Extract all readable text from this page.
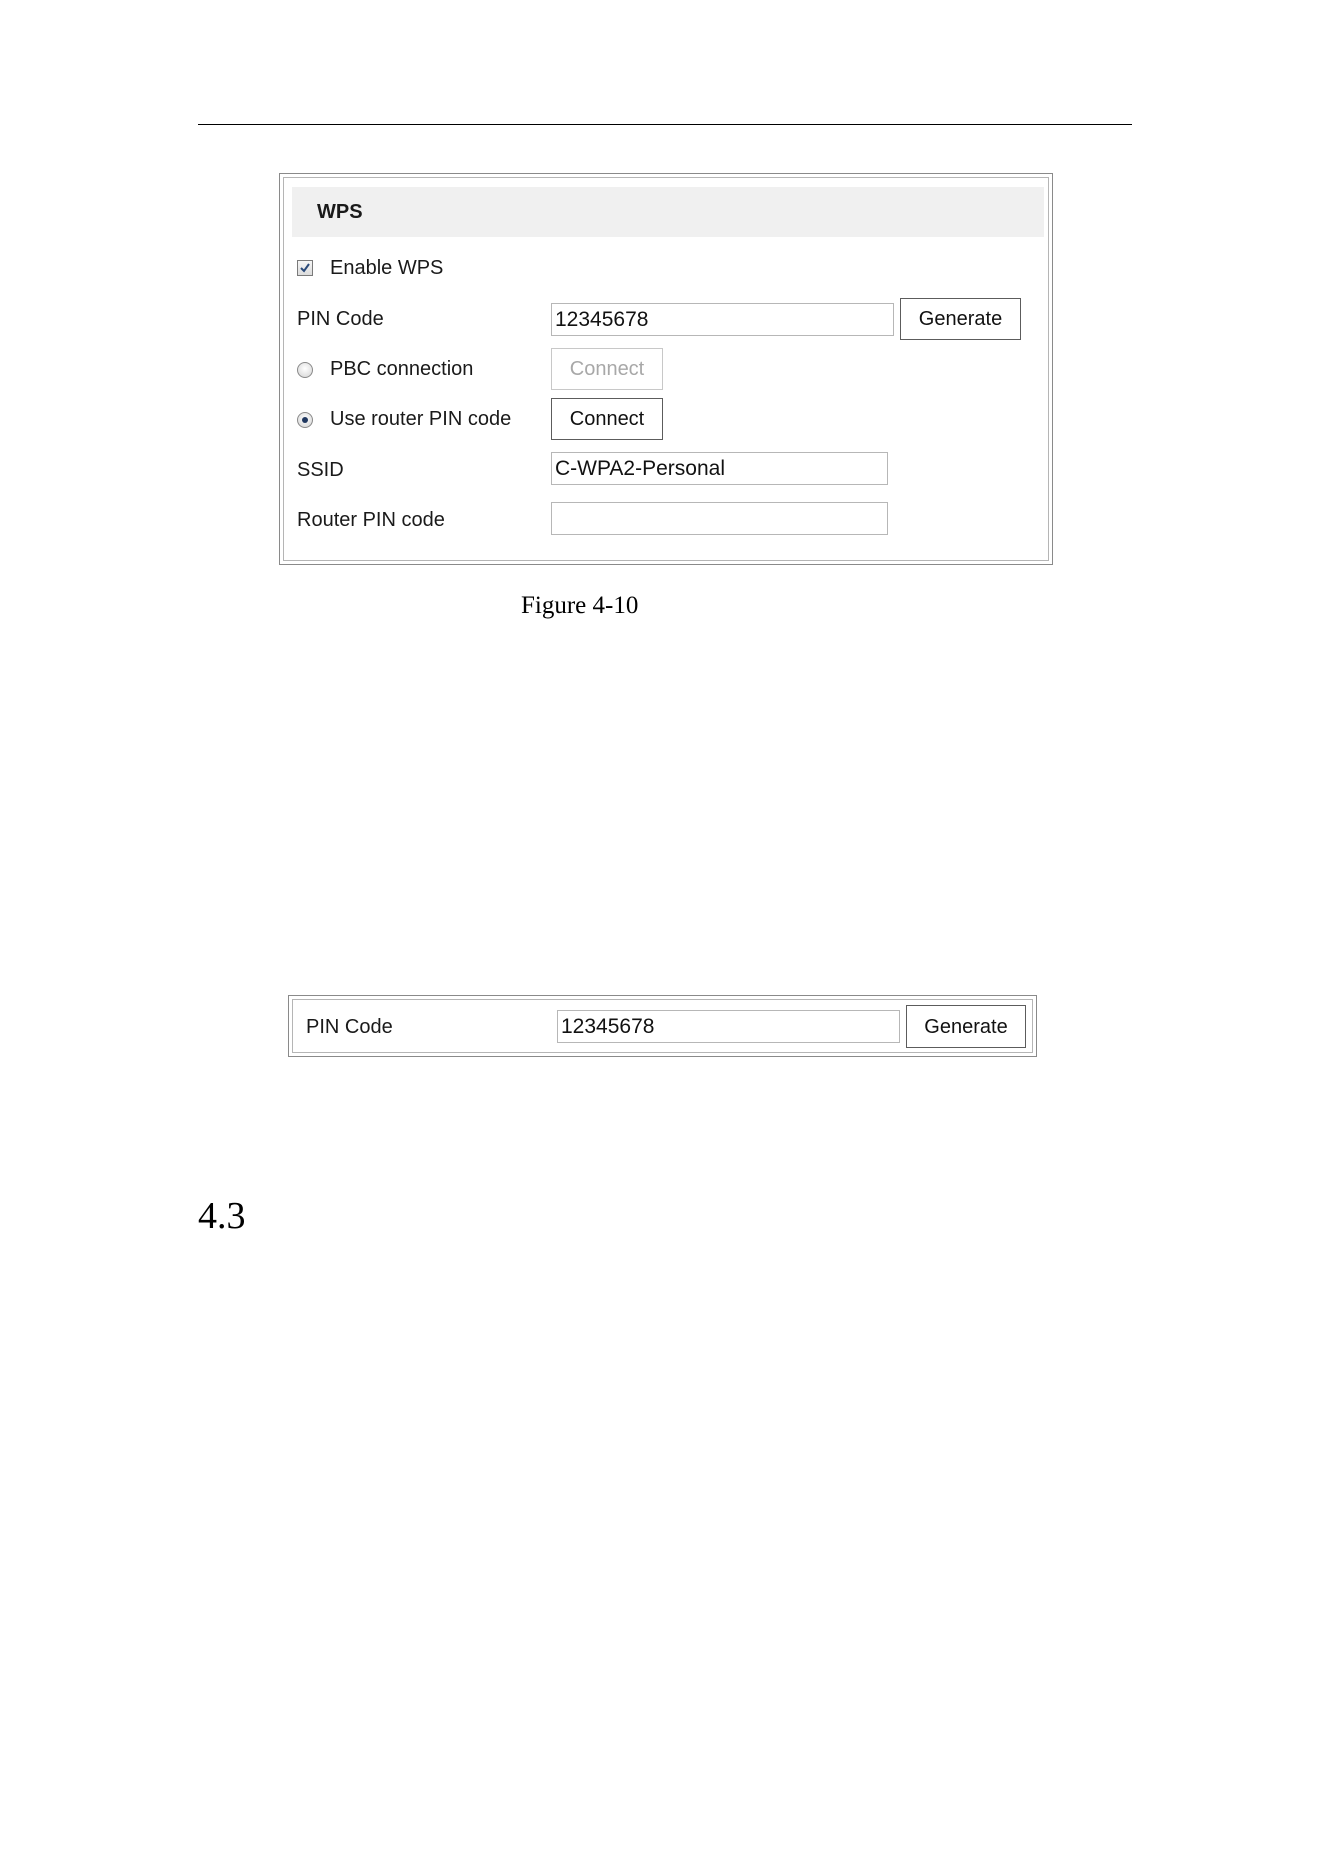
WPS
Enable WPS
PIN Code	12345678	Generate
PBC connection	Connect
Use router PIN code	Connect
SSID	C-WPA2-Personal
Router PIN code
Figure 4-10
PIN Code	12345678	Generate
4.3
